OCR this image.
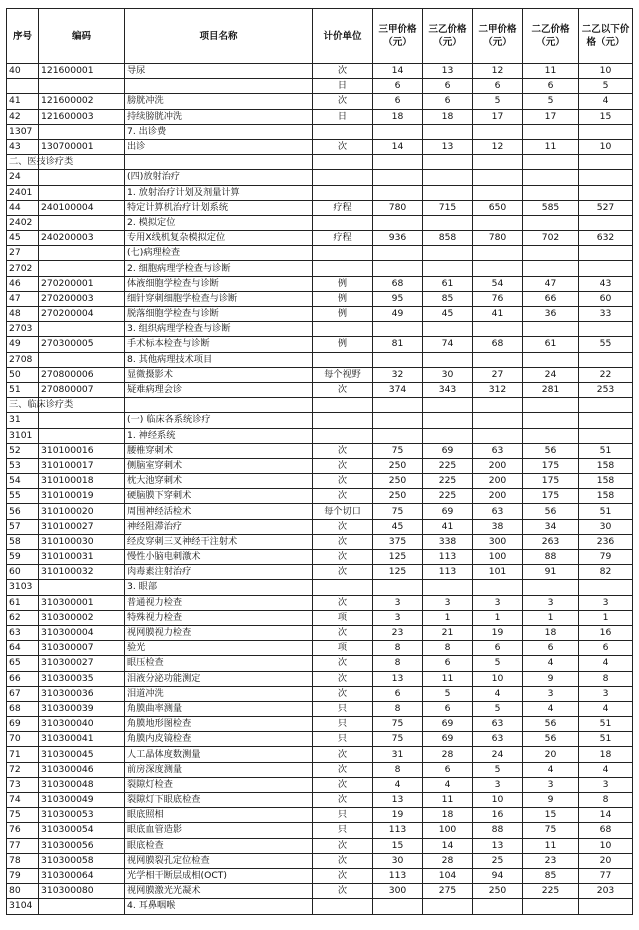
序号	编码	项目名称	计价单位	三甲价格（元）	三乙价格（元）	二甲价格（元）	二乙价格（元）	二乙以下价格（元）
40	121600001	导尿	次	14	13	12	11	10
			日	6	6	6	6	5
41	121600002	膀胱冲洗	次	6	6	5	5	4
42	121600003	持续膀胱冲洗	日	18	18	17	17	15
1307		7. 出诊费						
43	130700001	出诊	次	14	13	12	11	10
二、医技诊疗类								
24		(四)放射治疗						
2401		1. 放射治疗计划及剂量计算						
44	240100004	特定计算机治疗计划系统	疗程	780	715	650	585	527
2402		2. 模拟定位						
45	240200003	专用X线机复杂模拟定位	疗程	936	858	780	702	632
27		(七)病理检查						
2702		2. 细胞病理学检查与诊断						
46	270200001	体液细胞学检查与诊断	例	68	61	54	47	43
47	270200003	细针穿刺细胞学检查与诊断	例	95	85	76	66	60
48	270200004	脱落细胞学检查与诊断	例	49	45	41	36	33
2703		3. 组织病理学检查与诊断						
49	270300005	手术标本检查与诊断	例	81	74	68	61	55
2708		8. 其他病理技术项目						
50	270800006	显微摄影术	每个视野	32	30	27	24	22
51	270800007	疑难病理会诊	次	374	343	312	281	253
三、临床诊疗类								
31		(一) 临床各系统诊疗						
3101		1. 神经系统						
52	310100016	腰椎穿刺术	次	75	69	63	56	51
53	310100017	侧脑室穿刺术	次	250	225	200	175	158
54	310100018	枕大池穿刺术	次	250	225	200	175	158
55	310100019	硬脑膜下穿刺术	次	250	225	200	175	158
56	310100020	周围神经活检术	每个切口	75	69	63	56	51
57	310100027	神经阻滞治疗	次	45	41	38	34	30
58	310100030	经皮穿刺三叉神经干注射术	次	375	338	300	263	236
59	310100031	慢性小脑电刺激术	次	125	113	100	88	79
60	310100032	肉毒素注射治疗	次	125	113	101	91	82
3103		3. 眼部						
61	310300001	普通视力检查	次	3	3	3	3	3
62	310300002	特殊视力检查	项	3	1	1	1	1
63	310300004	视网膜视力检查	次	23	21	19	18	16
64	310300007	验光	项	8	8	6	6	6
65	310300027	眼压检查	次	8	6	5	4	4
66	310300035	泪液分泌功能测定	次	13	11	10	9	8
67	310300036	泪道冲洗	次	6	5	4	3	3
68	310300039	角膜曲率测量	只	8	6	5	4	4
69	310300040	角膜地形图检查	只	75	69	63	56	51
70	310300041	角膜内皮镜检查	只	75	69	63	56	51
71	310300045	人工晶体度数测量	次	31	28	24	20	18
72	310300046	前房深度测量	次	8	6	5	4	4
73	310300048	裂隙灯检查	次	4	4	3	3	3
74	310300049	裂隙灯下眼底检查	次	13	11	10	9	8
75	310300053	眼底照相	只	19	18	16	15	14
76	310300054	眼底血管造影	只	113	100	88	75	68
77	310300056	眼底检查	次	15	14	13	11	10
78	310300058	视网膜裂孔定位检查	次	30	28	25	23	20
79	310300064	光学相干断层成相(OCT)	次	113	104	94	85	77
80	310300080	视网膜激光光凝术	次	300	275	250	225	203
3104		4. 耳鼻咽喉						
